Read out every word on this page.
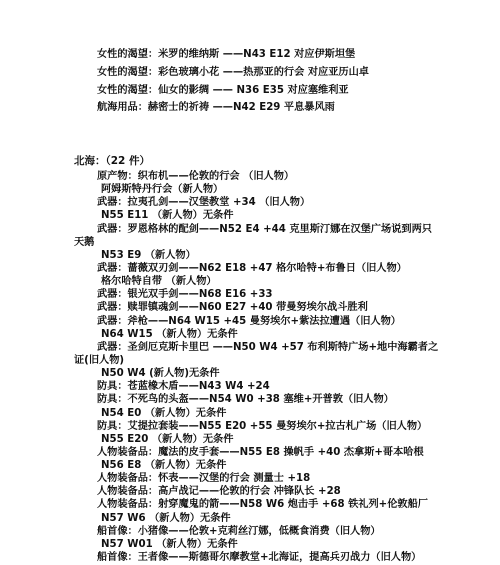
女性的渴望：米罗的维纳斯 ——N43 E12 对应伊斯坦堡
女性的渴望：彩色玻璃小花 ——热那亚的行会 对应亚历山卓
女性的渴望：仙女的影绸 —— N36 E35 对应塞维利亚
航海用品：赫密士的祈祷 ——N42 E29 平息暴风雨
北海：（22 件）
原产物：织布机——伦敦的行会 （旧人物）
阿姆斯特丹行会（新人物）
武器：拉夷孔剑——汉堡教堂 +34 （旧人物）
N55 E11 （新人物）无条件
武器：罗恩格林的配剑——N52 E4 +44 克里斯汀娜在汉堡广场说到两只
天鹅
N53 E9 （新人物）
武器：蔷薇双刃剑——N62 E18 +47 格尔哈特+布鲁日（旧人物）
格尔哈特自带 （新人物）
武器：银光双手剑——N68 E16 +33
武器：赎罪镇魂剑——N60 E27 +40 带曼努埃尔战斗胜利
武器：斧枪——N64 W15 +45 曼努埃尔+紫法拉遭遇（旧人物）
N64 W15 （新人物）无条件
武器：圣剑厄克斯卡里巴 ——N50 W4 +57 布利斯特广场+地中海霸者之
证(旧人物)
N50 W4 (新人物)无条件
防具：苍蓝橡木盾——N43 W4 +24
防具：不死鸟的头盔——N54 W0 +38 塞维+开普敦（旧人物）
N54 E0 （新人物）无条件
防具：艾提拉套装——N55 E20 +55 曼努埃尔+拉古札广场（旧人物）
N55 E20 （新人物）无条件
人物装备品：魔法的皮手套——N55 E8 操帆手 +40 杰拿斯+哥本哈根
N56 E8 （新人物）无条件
人物装备品：怀表——汉堡的行会 测量士 +18
人物装备品：高卢战记——伦敦的行会 冲锋队长 +28
人物装备品：射穿魔鬼的箭——N58 W6 炮击手 +68 铁礼列+伦敦船厂
N57 W6 （新人物）无条件
船首像：小猪像——伦敦+克莉丝汀娜，低概食消费（旧人物）
N57 W01 （新人物）无条件
船首像：王者像——斯德哥尔摩教堂+北海证，提高兵刃战力（旧人物）
